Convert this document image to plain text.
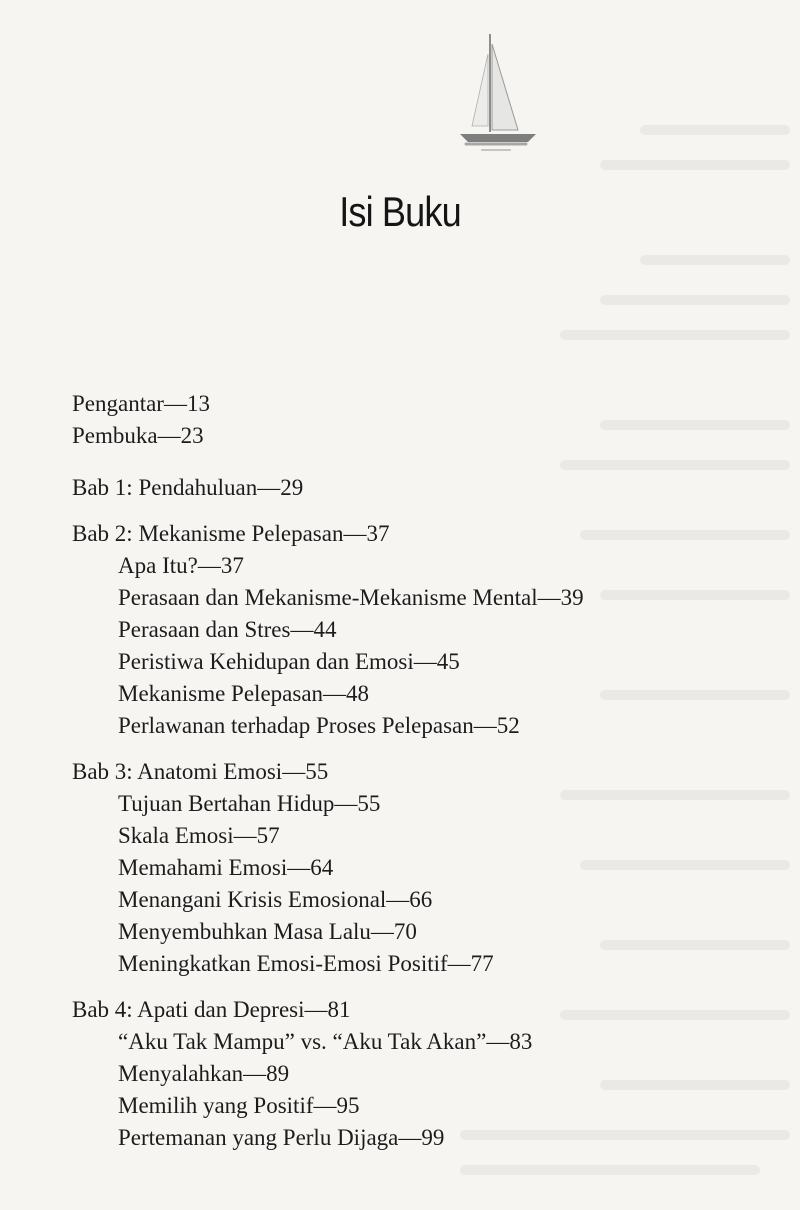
Isi Buku
Pengantar—13
Pembuka—23
Bab 1: Pendahuluan—29
Bab 2: Mekanisme Pelepasan—37
Apa Itu?—37
Perasaan dan Mekanisme-Mekanisme Mental—39
Perasaan dan Stres—44
Peristiwa Kehidupan dan Emosi—45
Mekanisme Pelepasan—48
Perlawanan terhadap Proses Pelepasan—52
Bab 3: Anatomi Emosi—55
Tujuan Bertahan Hidup—55
Skala Emosi—57
Memahami Emosi—64
Menangani Krisis Emosional—66
Menyembuhkan Masa Lalu—70
Meningkatkan Emosi-Emosi Positif—77
Bab 4: Apati dan Depresi—81
“Aku Tak Mampu” vs. “Aku Tak Akan”—83
Menyalahkan—89
Memilih yang Positif—95
Pertemanan yang Perlu Dijaga—99
